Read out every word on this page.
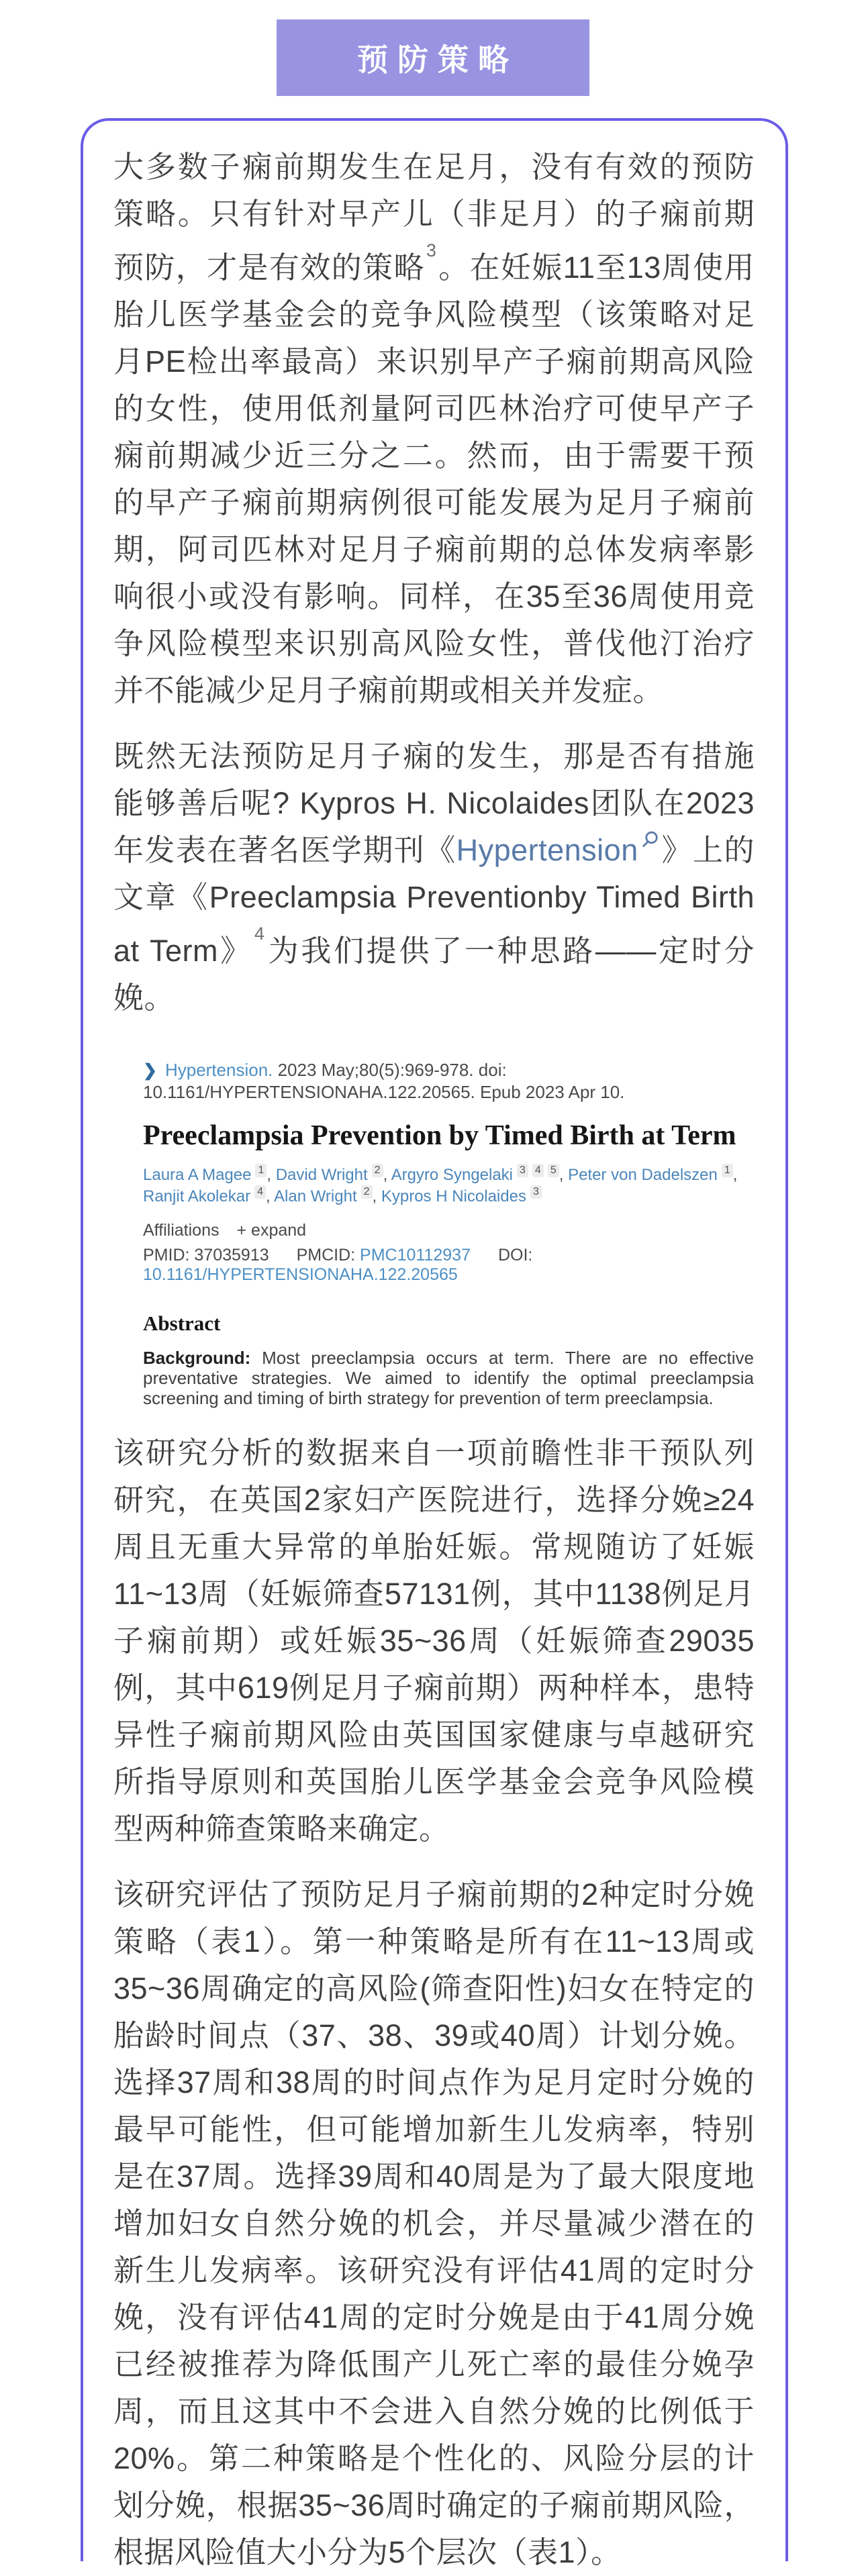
预防策略

大多数子痫前期发生在足月，没有有效的预防策略。只有针对早产儿（非足月）的子痫前期预防，才是有效的策略$^3$。在妊娠11至13周使用胎儿医学基金会的竞争风险模型（该策略对足月PE检出率最高）来识别早产子痫前期高风险的女性，使用低剂量阿司匹林治疗可使早产子痫前期减少近三分之二。然而，由于需要干预的早产子痫前期病例很可能发展为足月子痫前期，阿司匹林对足月子痫前期的总体发病率影响很小或没有影响。同样，在35至36周使用竞争风险模型来识别高风险女性，普伐他汀治疗并不能减少足月子痫前期或相关并发症。

既然无法预防足月子痫的发生，那是否有措施能够善后呢? Kypros H. Nicolaides团队在2023年发表在著名医学期刊《Hypertension 》上的文章《Preeclampsia Preventionby Timed Birth at Term》$^4$为我们提供了一种思路——定时分娩。

❯ Hypertension. 2023 May;80(5):969-978. doi: 10.1161/HYPERTENSIONAHA.122.20565. Epub 2023 Apr 10.
Preeclampsia Prevention by Timed Birth at Term
Laura A Magee 1 , David Wright 2 , Argyro Syngelaki 3 4 5 , Peter von Dadelszen 1 , Ranjit Akolekar 4 , Alan Wright 2 , Kypros H Nicolaides 3
Affiliations + expand
PMID: 37035913 PMCID: PMC10112937 DOI: 10.1161/HYPERTENSIONAHA.122.20565
Abstract

Background: Most preeclampsia occurs at term. There are no effective preventative strategies. We aimed to identify the optimal preeclampsia screening and timing of birth strategy for prevention of term preeclampsia.

该研究分析的数据来自一项前瞻性非干预队列研究，在英国2家妇产医院进行，选择分娩≥24周且无重大异常的单胎妊娠。常规随访了妊娠11~13周（妊娠筛查57131例，其中1138例足月子痫前期）或妊娠35~36周（妊娠筛查29035例，其中619例足月子痫前期）两种样本，患特异性子痫前期风险由英国国家健康与卓越研究所指导原则和英国胎儿医学基金会竞争风险模型两种筛查策略来确定。

该研究评估了预防足月子痫前期的2种定时分娩策略（表1）。第一种策略是所有在11~13周或35~36周确定的高风险(筛查阳性)妇女在特定的胎龄时间点（37、38、39或40周）计划分娩。选择37周和38周的时间点作为足月定时分娩的最早可能性，但可能增加新生儿发病率，特别是在37周。选择39周和40周是为了最大限度地增加妇女自然分娩的机会，并尽量减少潜在的新生儿发病率。该研究没有评估41周的定时分娩，没有评估41周的定时分娩是由于41周分娩已经被推荐为降低围产儿死亡率的最佳分娩孕周，而且这其中不会进入自然分娩的比例低于20%。第二种策略是个性化的、风险分层的计划分娩，根据35~36周时确定的子痫前期风险，根据风险值大小分为5个层次（表1）。
